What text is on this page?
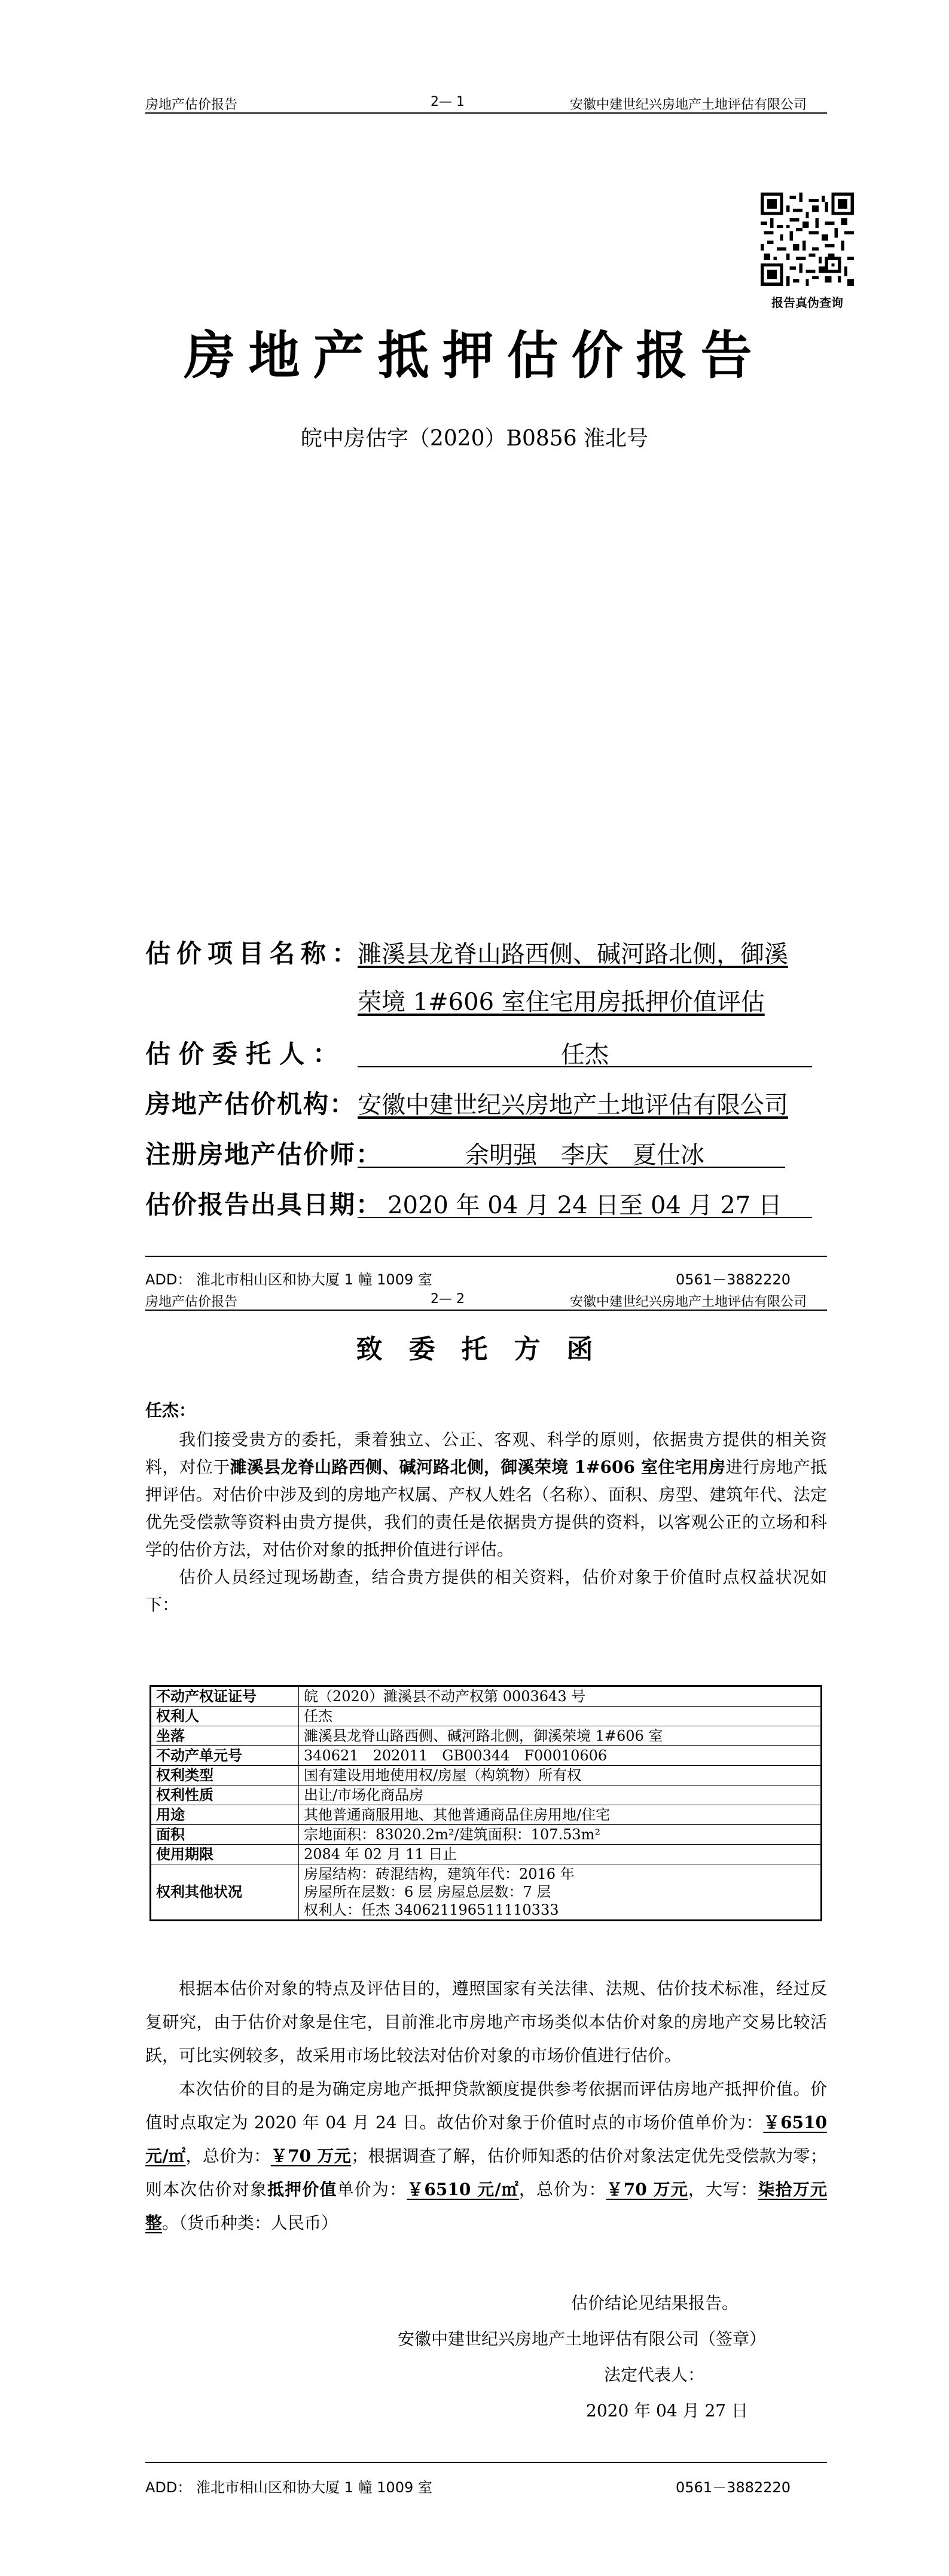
房地产估价报告	2— 1	安徽中建世纪兴房地产土地评估有限公司
报告真伪查询
房地产抵押估价报告
皖中房估字（2020）B0856 淮北号
估价项目名称：
濉溪县龙脊山路西侧、碱河路北侧，御溪
荣境 1#606 室住宅用房抵押价值评估
估价委托人：	任杰
房地产估价机构： 安徽中建世纪兴房地产土地评估有限公司
注册房地产估价师：	余明强　李庆　夏仕冰
估价报告出具日期： 2020 年 04 月 24 日至 04 月 27 日
ADD： 淮北市相山区和协大厦 1 幢 1009 室	0561－3882220
房地产估价报告	2— 2	安徽中建世纪兴房地产土地评估有限公司
致　委　托　方　函
任杰：

我们接受贵方的委托，秉着独立、公正、客观、科学的原则，依据贵方提供的相关资料，对位于濉溪县龙脊山路西侧、碱河路北侧，御溪荣境 1#606 室住宅用房进行房地产抵押评估。对估价中涉及到的房地产权属、产权人姓名（名称）、面积、房型、建筑年代、法定优先受偿款等资料由贵方提供，我们的责任是依据贵方提供的资料，以客观公正的立场和科学的估价方法，对估价对象的抵押价值进行评估。

估价人员经过现场勘查，结合贵方提供的相关资料，估价对象于价值时点权益状况如下：

不动产权证证号	皖（2020）濉溪县不动产权第 0003643 号
权利人	任杰
坐落	濉溪县龙脊山路西侧、碱河路北侧，御溪荣境 1#606 室
不动产单元号	340621　202011　GB00344　F00010606
权利类型	国有建设用地使用权/房屋（构筑物）所有权
权利性质	出让/市场化商品房
用途	其他普通商服用地、其他普通商品住房用地/住宅
面积	宗地面积：83020.2m²/建筑面积：107.53m²
使用期限	2084 年 02 月 11 日止
权利其他状况	房屋结构：砖混结构，建筑年代：2016 年
房屋所在层数：6 层 房屋总层数：7 层
权利人：任杰 340621196511110333

根据本估价对象的特点及评估目的，遵照国家有关法律、法规、估价技术标准，经过反复研究，由于估价对象是住宅，目前淮北市房地产市场类似本估价对象的房地产交易比较活跃，可比实例较多，故采用市场比较法对估价对象的市场价值进行估价。

本次估价的目的是为确定房地产抵押贷款额度提供参考依据而评估房地产抵押价值。价值时点取定为 2020 年 04 月 24 日。故估价对象于价值时点的市场价值单价为：￥6510 元/㎡，总价为：￥70 万元；根据调查了解，估价师知悉的估价对象法定优先受偿款为零；则本次估价对象抵押价值单价为：￥6510 元/㎡，总价为：￥70 万元，大写：柒拾万元整。（货币种类：人民币）

估价结论见结果报告。
安徽中建世纪兴房地产土地评估有限公司（签章）
法定代表人：
2020 年 04 月 27 日
ADD： 淮北市相山区和协大厦 1 幢 1009 室	0561－3882220
